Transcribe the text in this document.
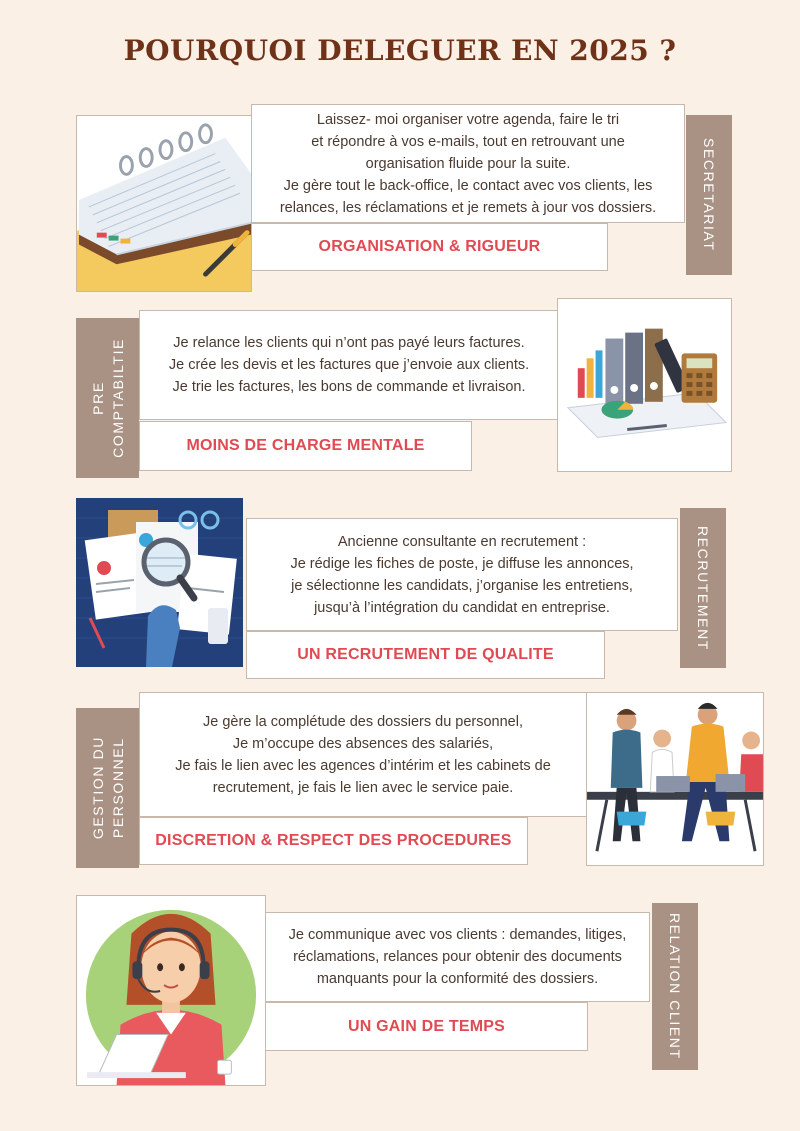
POURQUOI DELEGUER EN 2025 ?
Laissez- moi organiser votre agenda, faire le tri
et répondre à vos e-mails, tout en retrouvant une
organisation fluide pour la suite.
Je gère tout le back-office, le contact avec vos clients, les
relances, les réclamations et je remets à jour vos dossiers.
ORGANISATION & RIGUEUR	SECRETARIAT
PRE COMPTABILTIE	Je relance les clients qui n’ont pas payé leurs factures.
Je crée les devis et les factures que j’envoie aux clients.
Je trie les factures, les bons de commande et livraison.
MOINS DE CHARGE MENTALE
Ancienne consultante en recrutement :
Je rédige les fiches de poste, je diffuse les annonces,
je sélectionne les candidats, j’organise les entretiens,
jusqu’à l’intégration du candidat en entreprise.
UN RECRUTEMENT DE QUALITE
RECRUTEMENT
GESTION DU PERSONNEL
Je gère la complétude des dossiers du personnel,
Je m’occupe des absences des salariés,
Je fais le lien avec les agences d’intérim et les cabinets de
recrutement, je fais le lien avec le service paie.
DISCRETION & RESPECT DES PROCEDURES
Je communique avec vos clients : demandes, litiges,
réclamations, relances pour obtenir des documents
manquants pour la conformité des dossiers.
UN GAIN DE TEMPS	RELATION CLIENT
